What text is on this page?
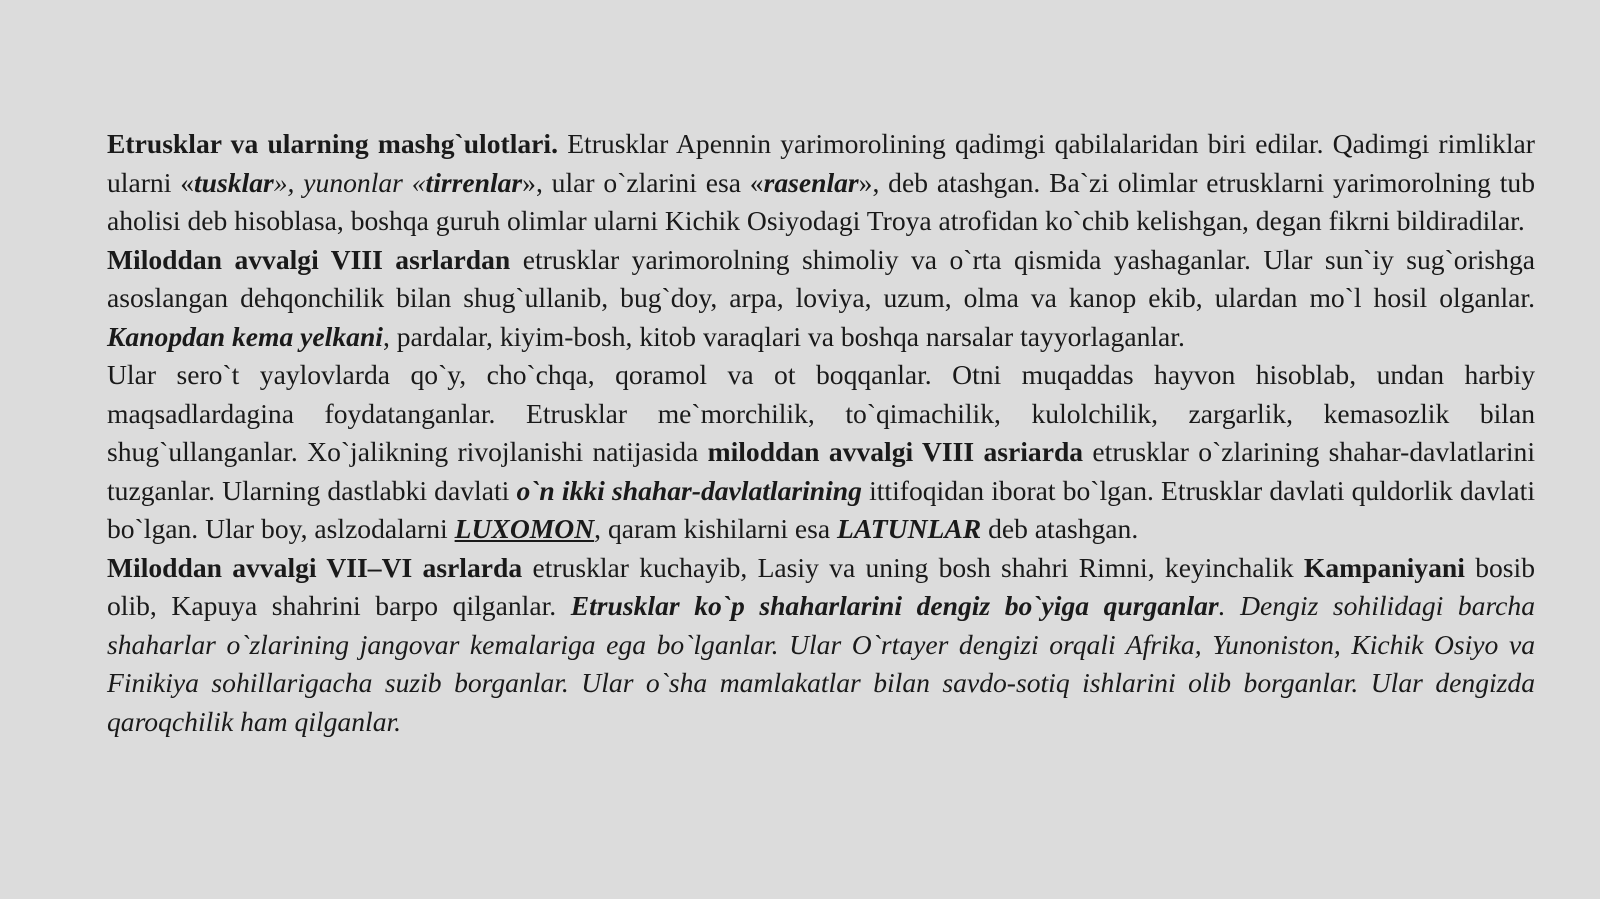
Etrusklar va ularning mashg`ulotlari. Etrusklar Apennin yarimorolining qadimgi qabilalaridan biri edilar. Qadimgi rimliklar ularni «tusklar», yunonlar «tirrenlar», ular o`zlarini esa «rasenlar», deb atashgan. Ba`zi olimlar etrusklarni yarimorolning tub aholisi deb hisoblasa, boshqa guruh olimlar ularni Kichik Osiyodagi Troya atrofidan ko`chib kelishgan, degan fikrni bildiradilar.

Miloddan avvalgi VIII asrlardan etrusklar yarimorolning shimoliy va o`rta qismida yashaganlar. Ular sun`iy sug`orishga asoslangan dehqonchilik bilan shug`ullanib, bug`doy, arpa, loviya, uzum, olma va kanop ekib, ulardan mo`l hosil olganlar. Kanopdan kema yelkani, pardalar, kiyim-bosh, kitob varaqlari va boshqa narsalar tayyorlaganlar.

Ular sero`t yaylovlarda qo`y, cho`chqa, qoramol va ot boqqanlar. Otni muqaddas hayvon hisoblab, undan harbiy maqsadlardagina foydatanganlar. Etrusklar me`morchilik, to`qimachilik, kulolchilik, zargarlik, kemasozlik bilan shug`ullanganlar. Xo`jalikning rivojlanishi natijasida miloddan avvalgi VIII asriarda etrusklar o`zlarining shahar-davlatlarini tuzganlar. Ularning dastlabki davlati o`n ikki shahar-davlatlarining ittifoqidan iborat bo`lgan. Etrusklar davlati quldorlik davlati bo`lgan. Ular boy, aslzodalarni LUXOMON, qaram kishilarni esa LATUNLAR deb atashgan.

Miloddan avvalgi VII–VI asrlarda etrusklar kuchayib, Lasiy va uning bosh shahri Rimni, keyinchalik Kampaniyani bosib olib, Kapuya shahrini barpo qilganlar. Etrusklar ko`p shaharlarini dengiz bo`yiga qurganlar. Dengiz sohilidagi barcha shaharlar o`zlarining jangovar kemalariga ega bo`lganlar. Ular O`rtayer dengizi orqali Afrika, Yunoniston, Kichik Osiyo va Finikiya sohillarigacha suzib borganlar. Ular o`sha mamlakatlar bilan savdo-sotiq ishlarini olib borganlar. Ular dengizda qaroqchilik ham qilganlar.
